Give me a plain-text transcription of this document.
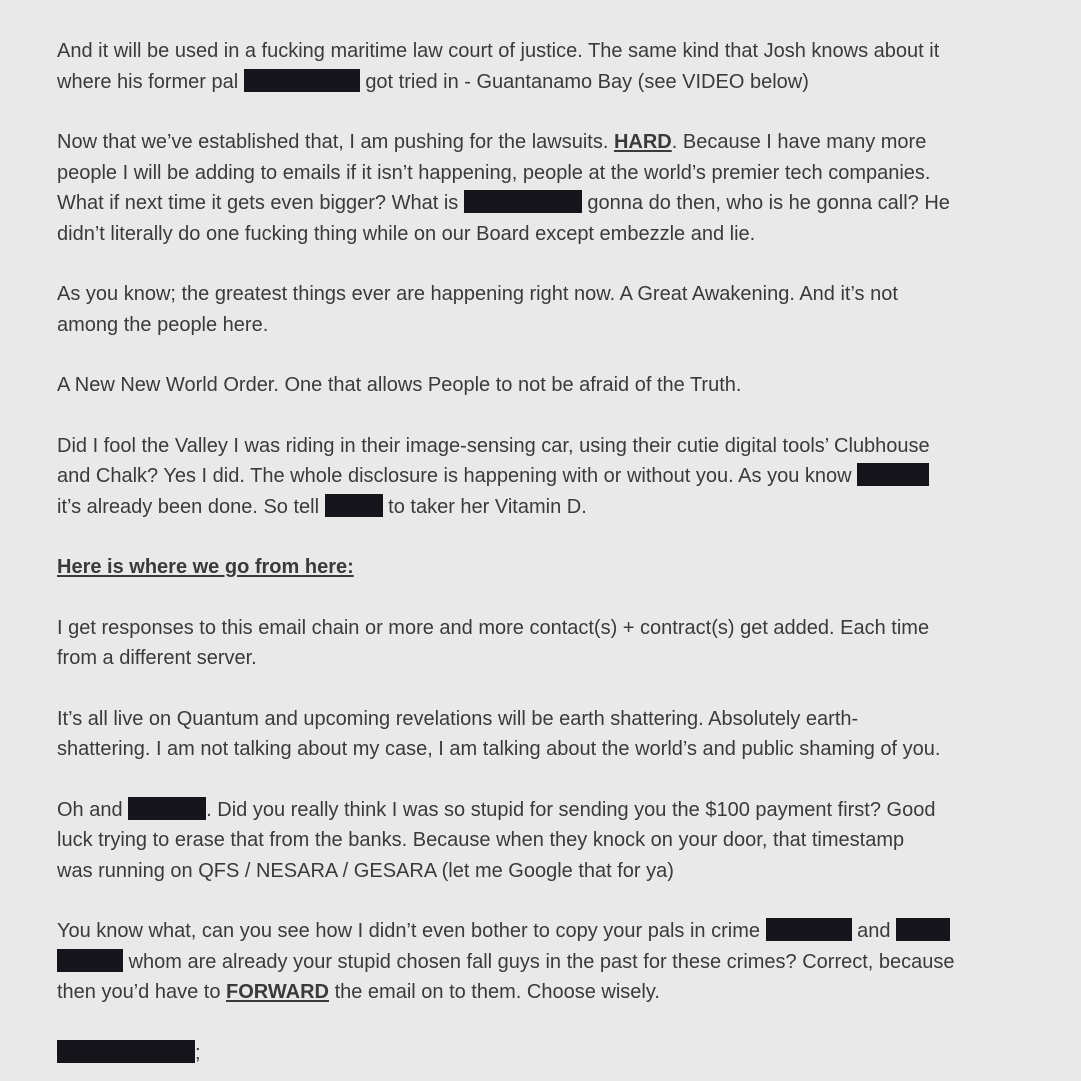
And it will be used in a fucking maritime law court of justice. The same kind that Josh knows about it
where his former pal	got tried in - Guantanamo Bay (see VIDEO below)
Now that we’ve established that, I am pushing for the lawsuits. HARD. Because I have many more
people I will be adding to emails if it isn’t happening, people at the world’s premier tech companies.
What if next time it gets even bigger? What is	gonna do then, who is he gonna call? He
didn’t literally do one fucking thing while on our Board except embezzle and lie.
As you know; the greatest things ever are happening right now. A Great Awakening. And it’s not
among the people here.
A New New World Order. One that allows People to not be afraid of the Truth.
Did I fool the Valley I was riding in their image-sensing car, using their cutie digital tools’ Clubhouse
and Chalk? Yes I did. The whole disclosure is happening with or without you. As you know
it’s already been done. So tell	to taker her Vitamin D.
Here is where we go from here:
I get responses to this email chain or more and more contact(s) + contract(s) get added. Each time
from a different server.
It’s all live on Quantum and upcoming revelations will be earth shattering. Absolutely earth-
shattering. I am not talking about my case, I am talking about the world’s and public shaming of you.
Oh and	. Did you really think I was so stupid for sending you the $100 payment first? Good
luck trying to erase that from the banks. Because when they knock on your door, that timestamp
was running on QFS / NESARA / GESARA (let me Google that for ya)
You know what, can you see how I didn’t even bother to copy your pals in crime	and
whom are already your stupid chosen fall guys in the past for these crimes? Correct, because
then you’d have to FORWARD the email on to them. Choose wisely.
;
